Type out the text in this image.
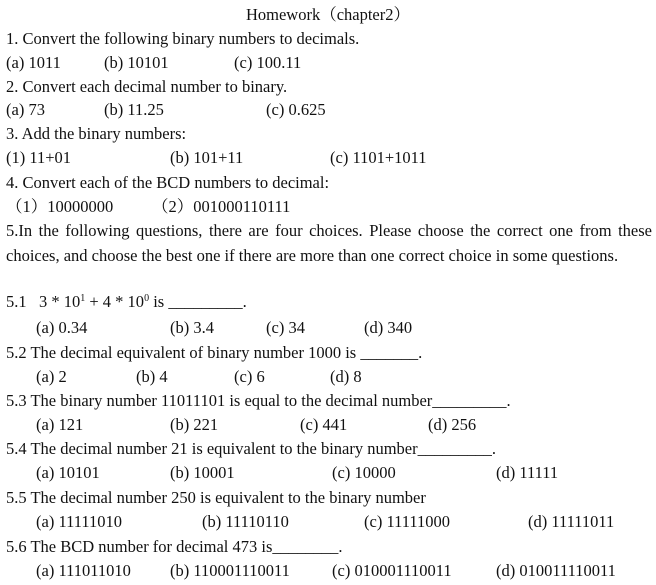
Homework（chapter2）
1. Convert the following binary numbers to decimals.
(a) 1011	(b) 10101	(c) 100.11
2. Convert each decimal number to binary.
(a) 73	(b) 11.25	(c) 0.625
3. Add the binary numbers:
(1) 11+01	(b) 101+11	(c) 1101+1011
4. Convert each of the BCD numbers to decimal:
（1）10000000 （2）001000110111
5.In the following questions, there are four choices. Please choose the correct one from these choices, and choose the best one if there are more than one correct choice in some questions.
5.1 $3 * 10^1 + 4 * 10^0$ is _________.
(a) 0.34	(b) 3.4	(c) 34	(d) 340
5.2 The decimal equivalent of binary number 1000 is _______.
(a) 2	(b) 4	(c) 6	(d) 8
5.3 The binary number 11011101 is equal to the decimal number_________.
(a) 121	(b) 221	(c) 441	(d) 256
5.4 The decimal number 21 is equivalent to the binary number_________.
(a) 10101	(b) 10001	(c) 10000	(d) 11111
5.5 The decimal number 250 is equivalent to the binary number
(a) 11111010	(b) 11110110	(c) 11111000	(d) 11111011
5.6 The BCD number for decimal 473 is________.
(a) 111011010 (b) 110001110011	(c) 010001110011	(d) 010011110011
